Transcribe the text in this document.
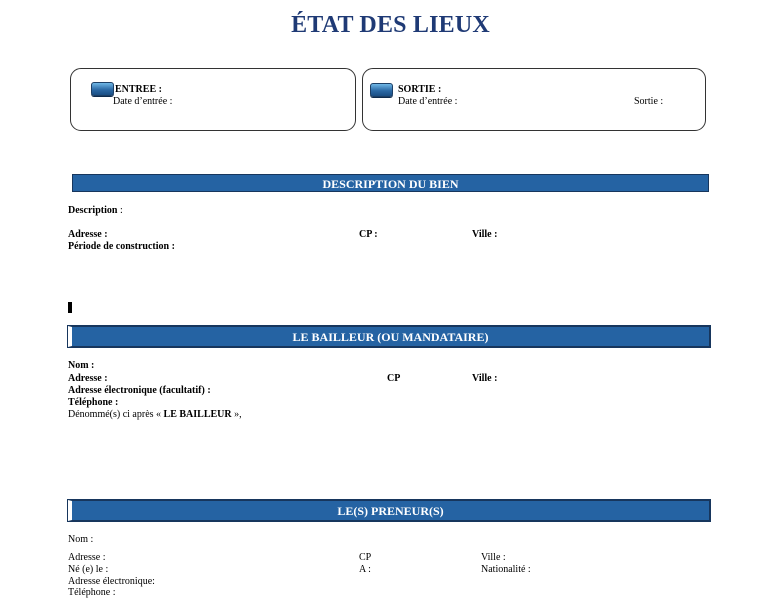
ÉTAT DES LIEUX
ENTREE :
Date d’entrée :
SORTIE :
Date d’entrée :	Sortie :
DESCRIPTION DU BIEN
Description :
Adresse :	CP :	Ville :
Période de construction :
LE BAILLEUR (OU MANDATAIRE)
Nom :
Adresse :	CP	Ville :
Adresse électronique (facultatif) :
Téléphone :
Dénommé(s) ci après « LE BAILLEUR »,
LE(S) PRENEUR(S)
Nom :
Adresse :	CP	Ville :
Né (e) le :	A :	Nationalité :
Adresse électronique:
Téléphone :
